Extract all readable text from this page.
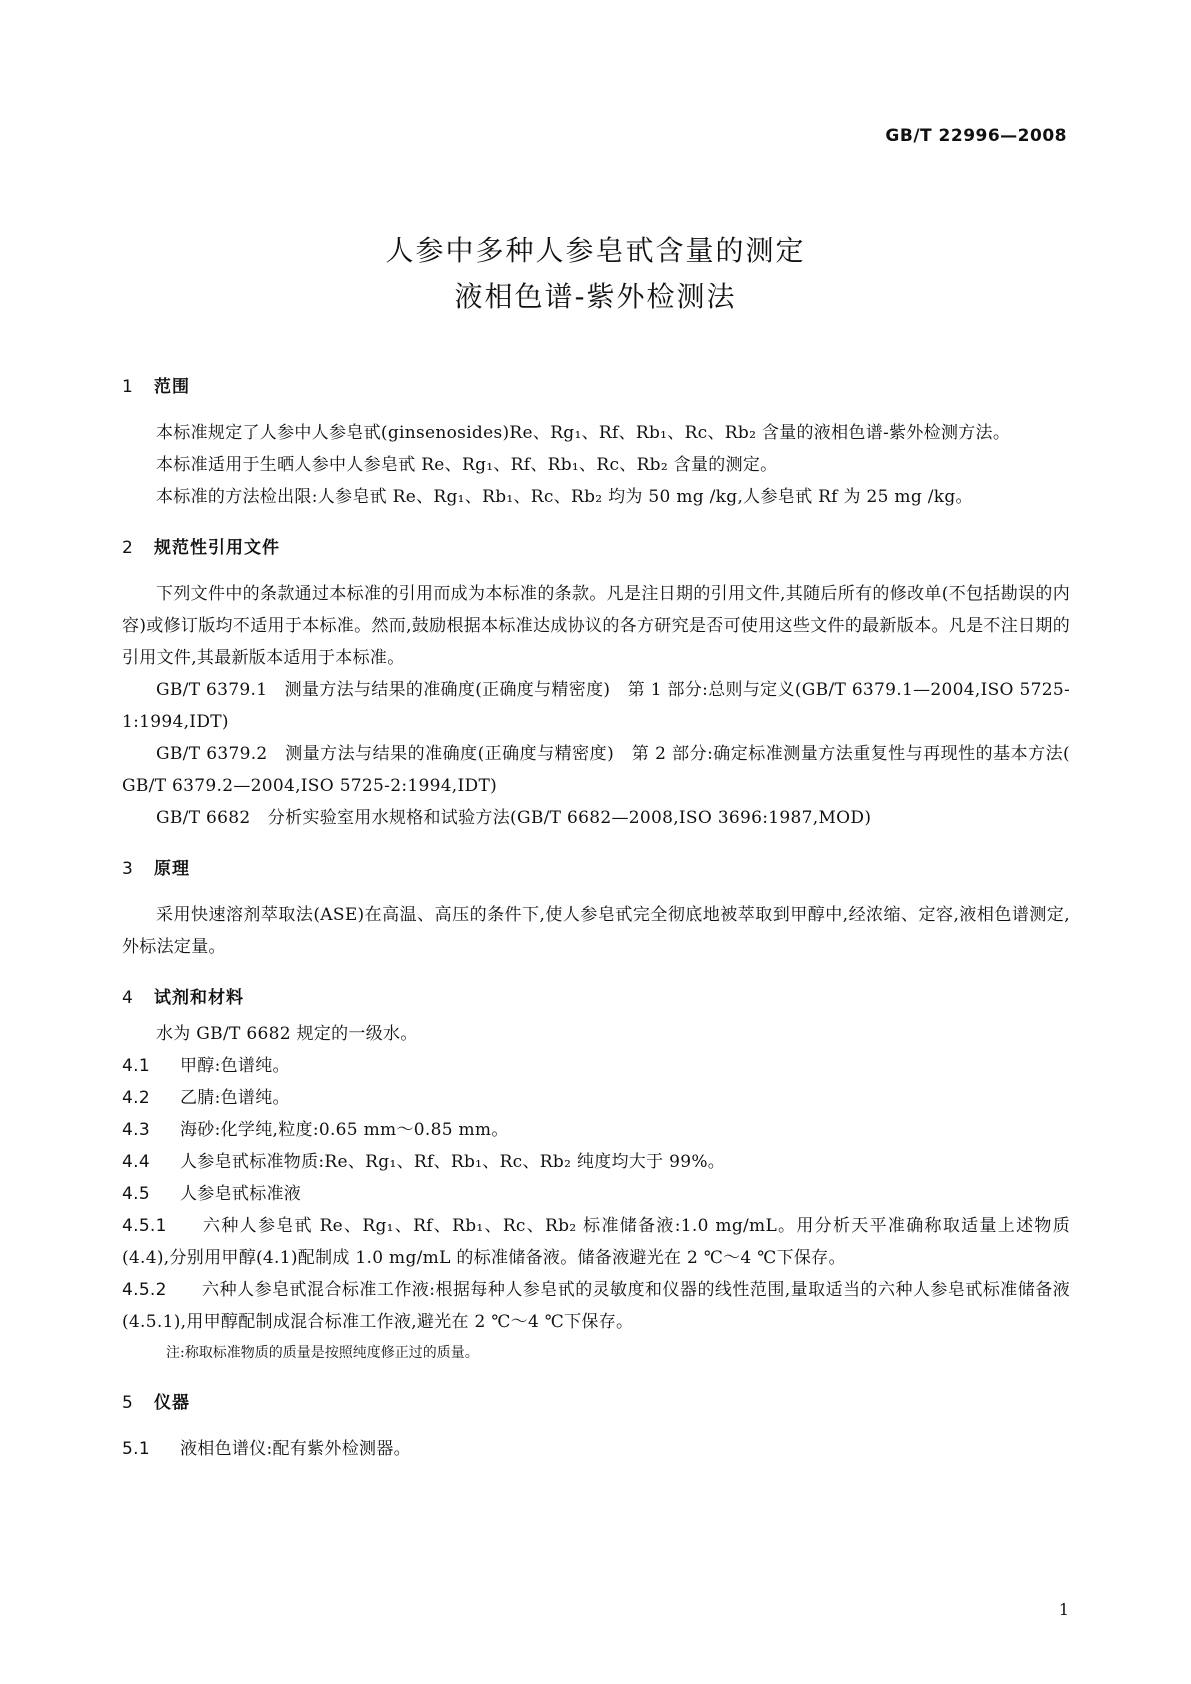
GB/T 22996—2008
人参中多种人参皂甙含量的测定
液相色谱-紫外检测法
1 范围

本标准规定了人参中人参皂甙(ginsenosides)Re、Rg₁、Rf、Rb₁、Rc、Rb₂ 含量的液相色谱-紫外检测方法。

本标准适用于生晒人参中人参皂甙 Re、Rg₁、Rf、Rb₁、Rc、Rb₂ 含量的测定。

本标准的方法检出限:人参皂甙 Re、Rg₁、Rb₁、Rc、Rb₂ 均为 50 mg /kg,人参皂甙 Rf 为 25 mg /kg。

2 规范性引用文件

下列文件中的条款通过本标准的引用而成为本标准的条款。凡是注日期的引用文件,其随后所有的修改单(不包括勘误的内容)或修订版均不适用于本标准。然而,鼓励根据本标准达成协议的各方研究是否可使用这些文件的最新版本。凡是不注日期的引用文件,其最新版本适用于本标准。

GB/T 6379.1　测量方法与结果的准确度(正确度与精密度)　第 1 部分:总则与定义(GB/T 6379.1—2004,ISO 5725-1:1994,IDT)

GB/T 6379.2　测量方法与结果的准确度(正确度与精密度)　第 2 部分:确定标准测量方法重复性与再现性的基本方法( GB/T 6379.2—2004,ISO 5725-2:1994,IDT)

GB/T 6682　分析实验室用水规格和试验方法(GB/T 6682—2008,ISO 3696:1987,MOD)

3 原理

采用快速溶剂萃取法(ASE)在高温、高压的条件下,使人参皂甙完全彻底地被萃取到甲醇中,经浓缩、定容,液相色谱测定,外标法定量。

4 试剂和材料

水为 GB/T 6682 规定的一级水。

4.1 甲醇:色谱纯。

4.2 乙腈:色谱纯。

4.3 海砂:化学纯,粒度:0.65 mm～0.85 mm。

4.4 人参皂甙标准物质:Re、Rg₁、Rf、Rb₁、Rc、Rb₂ 纯度均大于 99%。

4.5 人参皂甙标准液

4.5.1 六种人参皂甙 Re、Rg₁、Rf、Rb₁、Rc、Rb₂ 标准储备液:1.0 mg/mL。用分析天平准确称取适量上述物质(4.4),分别用甲醇(4.1)配制成 1.0 mg/mL 的标准储备液。储备液避光在 2 ℃～4 ℃下保存。

4.5.2 六种人参皂甙混合标准工作液:根据每种人参皂甙的灵敏度和仪器的线性范围,量取适当的六种人参皂甙标准储备液(4.5.1),用甲醇配制成混合标准工作液,避光在 2 ℃～4 ℃下保存。

注:称取标准物质的质量是按照纯度修正过的质量。

5 仪器

5.1 液相色谱仪:配有紫外检测器。

1
